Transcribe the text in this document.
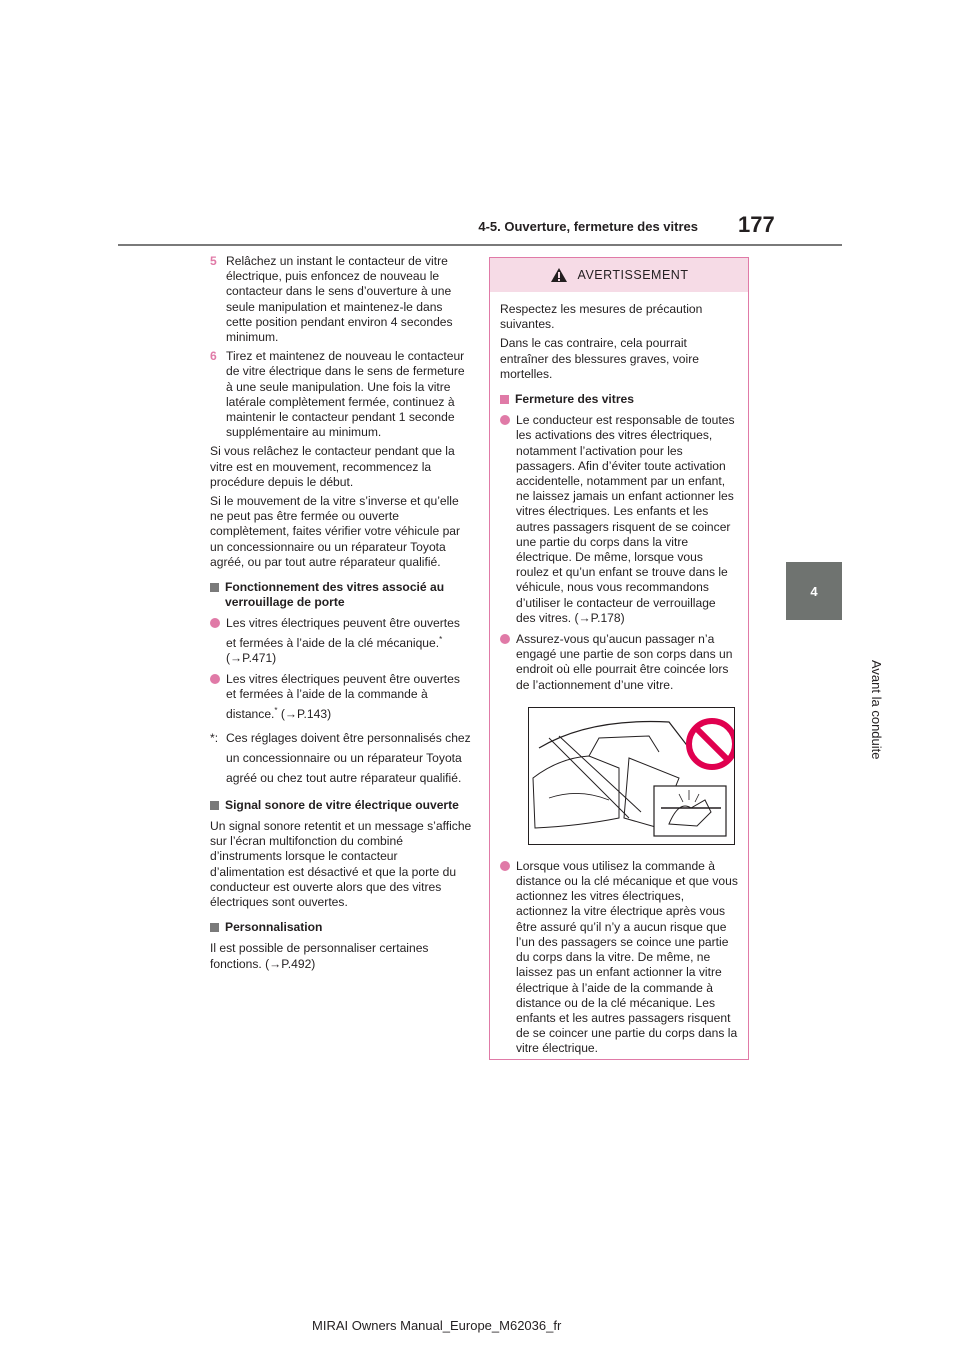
4-5. Ouverture, fermeture des vitres 177
4
Avant la conduite
5 Relâchez un instant le contacteur de vitre électrique, puis enfoncez de nouveau le contacteur dans le sens d’ouverture à une seule manipulation et maintenez-le dans cette position pendant environ 4 secondes minimum.
6 Tirez et maintenez de nouveau le contacteur de vitre électrique dans le sens de fermeture à une seule manipulation. Une fois la vitre latérale complètement fermée, continuez à maintenir le contacteur pendant 1 seconde supplémentaire au minimum.

Si vous relâchez le contacteur pendant que la vitre est en mouvement, recommencez la procédure depuis le début.

Si le mouvement de la vitre s’inverse et qu’elle ne peut pas être fermée ou ouverte complètement, faites vérifier votre véhicule par un concessionnaire ou un réparateur Toyota agréé, ou par tout autre réparateur qualifié.

Fonctionnement des vitres associé au verrouillage de porte
Les vitres électriques peuvent être ouvertes et fermées à l’aide de la clé mécanique.* (→P.471)
Les vitres électriques peuvent être ouvertes et fermées à l’aide de la commande à distance.* (→P.143)
*: Ces réglages doivent être personnalisés chez un concessionnaire ou un réparateur Toyota agréé ou chez tout autre réparateur qualifié.
Signal sonore de vitre électrique ouverte

Un signal sonore retentit et un message s’affiche sur l’écran multifonction du combiné d’instruments lorsque le contacteur d’alimentation est désactivé et que la porte du conducteur est ouverte alors que des vitres électriques sont ouvertes.

Personnalisation

Il est possible de personnaliser certaines fonctions. (→P.492)

AVERTISSEMENT

Respectez les mesures de précaution suivantes.

Dans le cas contraire, cela pourrait entraîner des blessures graves, voire mortelles.

Fermeture des vitres
Le conducteur est responsable de toutes les activations des vitres électriques, notamment l’activation pour les passagers. Afin d’éviter toute activation accidentelle, notamment par un enfant, ne laissez jamais un enfant actionner les vitres électriques. Les enfants et les autres passagers risquent de se coincer une partie du corps dans la vitre électrique. De même, lorsque vous roulez et qu’un enfant se trouve dans le véhicule, nous vous recommandons d’utiliser le contacteur de verrouillage des vitres. (→P.178)
Assurez-vous qu’aucun passager n’a engagé une partie de son corps dans un endroit où elle pourrait être coincée lors de l’actionnement d’une vitre.
Lorsque vous utilisez la commande à distance ou la clé mécanique et que vous actionnez les vitres électriques, actionnez la vitre électrique après vous être assuré qu’il n’y a aucun risque que l’un des passagers se coince une partie du corps dans la vitre. De même, ne laissez pas un enfant actionner la vitre électrique à l’aide de la commande à distance ou de la clé mécanique. Les enfants et les autres passagers risquent de se coincer une partie du corps dans la vitre électrique.
MIRAI Owners Manual_Europe_M62036_fr
